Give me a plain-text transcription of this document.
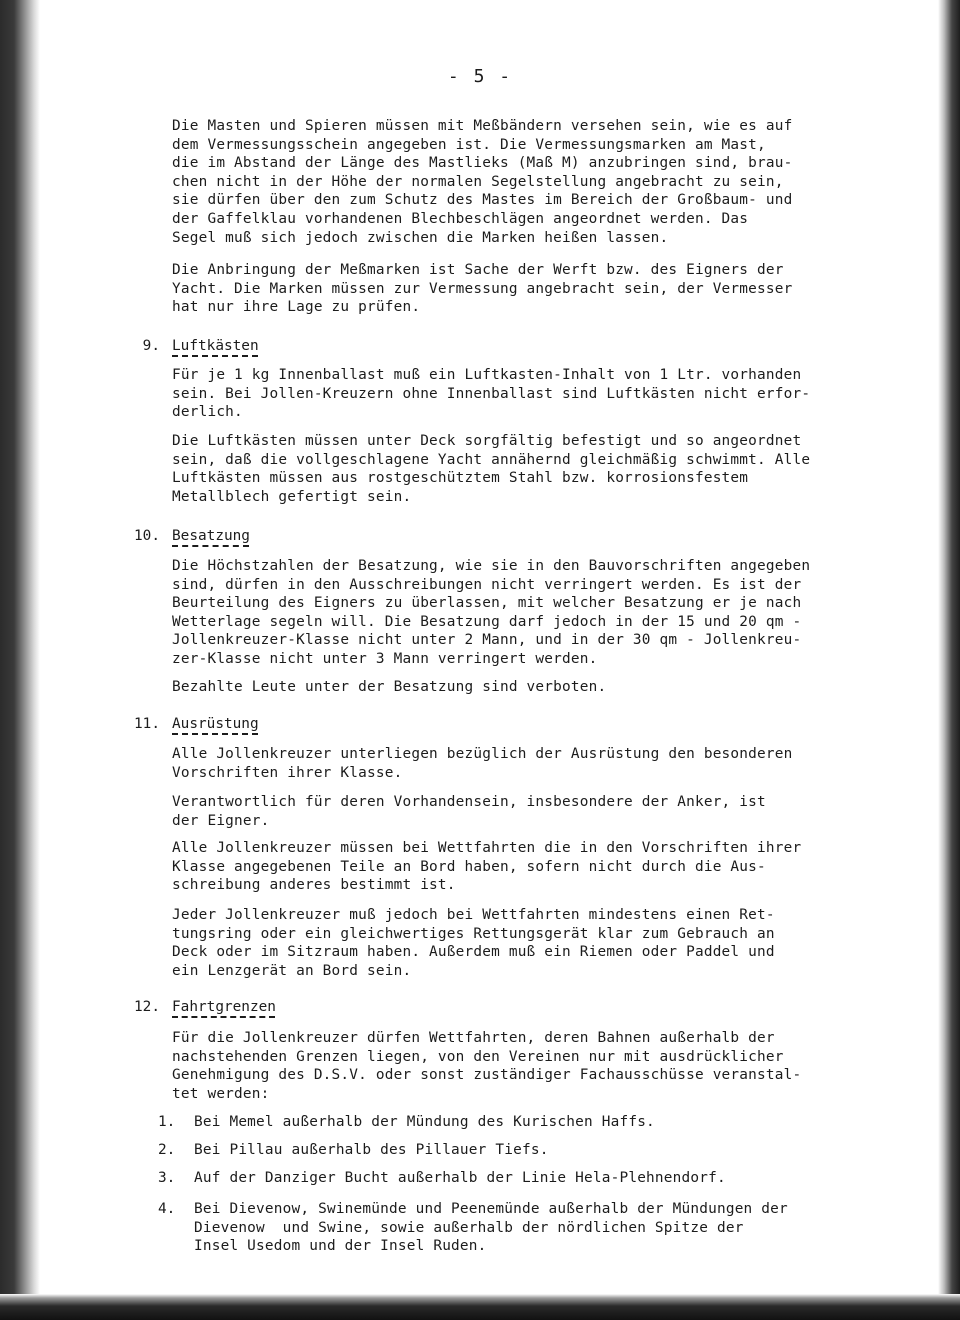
- 5 -
Die Masten und Spieren müssen mit Meßbändern versehen sein, wie es auf
dem Vermessungsschein angegeben ist. Die Vermessungsmarken am Mast,
die im Abstand der Länge des Mastlieks (Maß M) anzubringen sind, brau-
chen nicht in der Höhe der normalen Segelstellung angebracht zu sein,
sie dürfen über den zum Schutz des Mastes im Bereich der Großbaum- und
der Gaffelklau vorhandenen Blechbeschlägen angeordnet werden. Das
Segel muß sich jedoch zwischen die Marken heißen lassen.
Die Anbringung der Meßmarken ist Sache der Werft bzw. des Eigners der
Yacht. Die Marken müssen zur Vermessung angebracht sein, der Vermesser
hat nur ihre Lage zu prüfen.
9. Luftkästen
Für je 1 kg Innenballast muß ein Luftkasten-Inhalt von 1 Ltr. vorhanden
sein. Bei Jollen-Kreuzern ohne Innenballast sind Luftkästen nicht erfor-
derlich.
Die Luftkästen müssen unter Deck sorgfältig befestigt und so angeordnet
sein, daß die vollgeschlagene Yacht annähernd gleichmäßig schwimmt. Alle
Luftkästen müssen aus rostgeschütztem Stahl bzw. korrosionsfestem
Metallblech gefertigt sein.
10. Besatzung
Die Höchstzahlen der Besatzung, wie sie in den Bauvorschriften angegeben
sind, dürfen in den Ausschreibungen nicht verringert werden. Es ist der
Beurteilung des Eigners zu überlassen, mit welcher Besatzung er je nach
Wetterlage segeln will. Die Besatzung darf jedoch in der 15 und 20 qm -
Jollenkreuzer-Klasse nicht unter 2 Mann, und in der 30 qm - Jollenkreu-
zer-Klasse nicht unter 3 Mann verringert werden.
Bezahlte Leute unter der Besatzung sind verboten.
11. Ausrüstung
Alle Jollenkreuzer unterliegen bezüglich der Ausrüstung den besonderen
Vorschriften ihrer Klasse.
Verantwortlich für deren Vorhandensein, insbesondere der Anker, ist
der Eigner.
Alle Jollenkreuzer müssen bei Wettfahrten die in den Vorschriften ihrer
Klasse angegebenen Teile an Bord haben, sofern nicht durch die Aus-
schreibung anderes bestimmt ist.
Jeder Jollenkreuzer muß jedoch bei Wettfahrten mindestens einen Ret-
tungsring oder ein gleichwertiges Rettungsgerät klar zum Gebrauch an
Deck oder im Sitzraum haben. Außerdem muß ein Riemen oder Paddel und
ein Lenzgerät an Bord sein.
12. Fahrtgrenzen
Für die Jollenkreuzer dürfen Wettfahrten, deren Bahnen außerhalb der
nachstehenden Grenzen liegen, von den Vereinen nur mit ausdrücklicher
Genehmigung des D.S.V. oder sonst zuständiger Fachausschüsse veranstal-
tet werden:
1.	Bei Memel außerhalb der Mündung des Kurischen Haffs.
2.	Bei Pillau außerhalb des Pillauer Tiefs.
3.	Auf der Danziger Bucht außerhalb der Linie Hela-Plehnendorf.
4.	Bei Dievenow, Swinemünde und Peenemünde außerhalb der Mündungen der
Dievenow  und Swine, sowie außerhalb der nördlichen Spitze der
Insel Usedom und der Insel Ruden.
